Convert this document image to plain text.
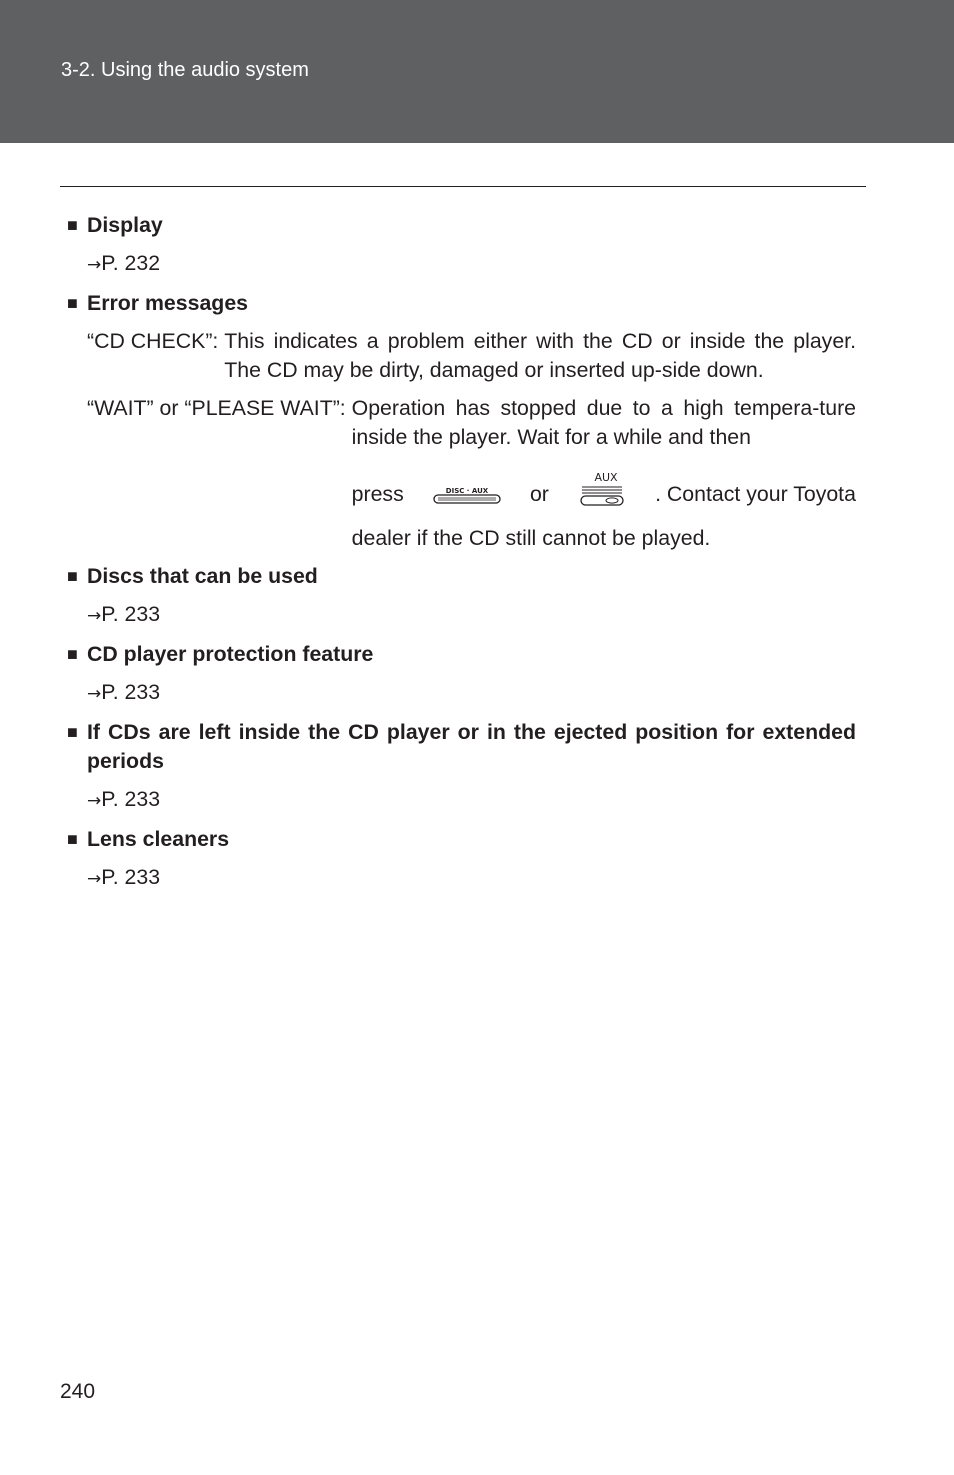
3-2. Using the audio system
■ Display
→P. 232
■ Error messages
“CD CHECK”: This indicates a problem either with the CD or inside the player. The CD may be dirty, damaged or inserted up-side down.
“WAIT” or “PLEASE WAIT”: Operation has stopped due to a high tempera-ture inside the player. Wait for a while and then
press	DISC · AUX or
AUX
. Contact your Toyota
dealer if the CD still cannot be played.
■ Discs that can be used
→P. 233
■ CD player protection feature
→P. 233
■ If CDs are left inside the CD player or in the ejected position for extended periods
→P. 233
■ Lens cleaners
→P. 233
240
